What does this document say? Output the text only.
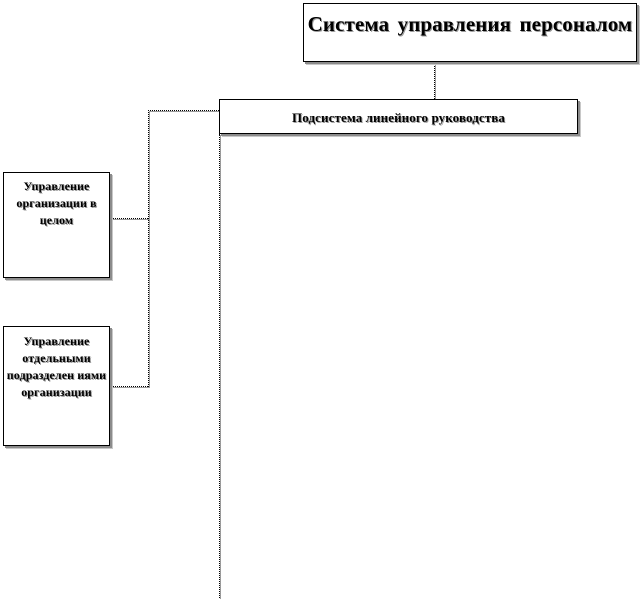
Система управления персоналом
Подсистема линейного руководства
Управление организации в целом
Управление отдельными подразделен иями организации
